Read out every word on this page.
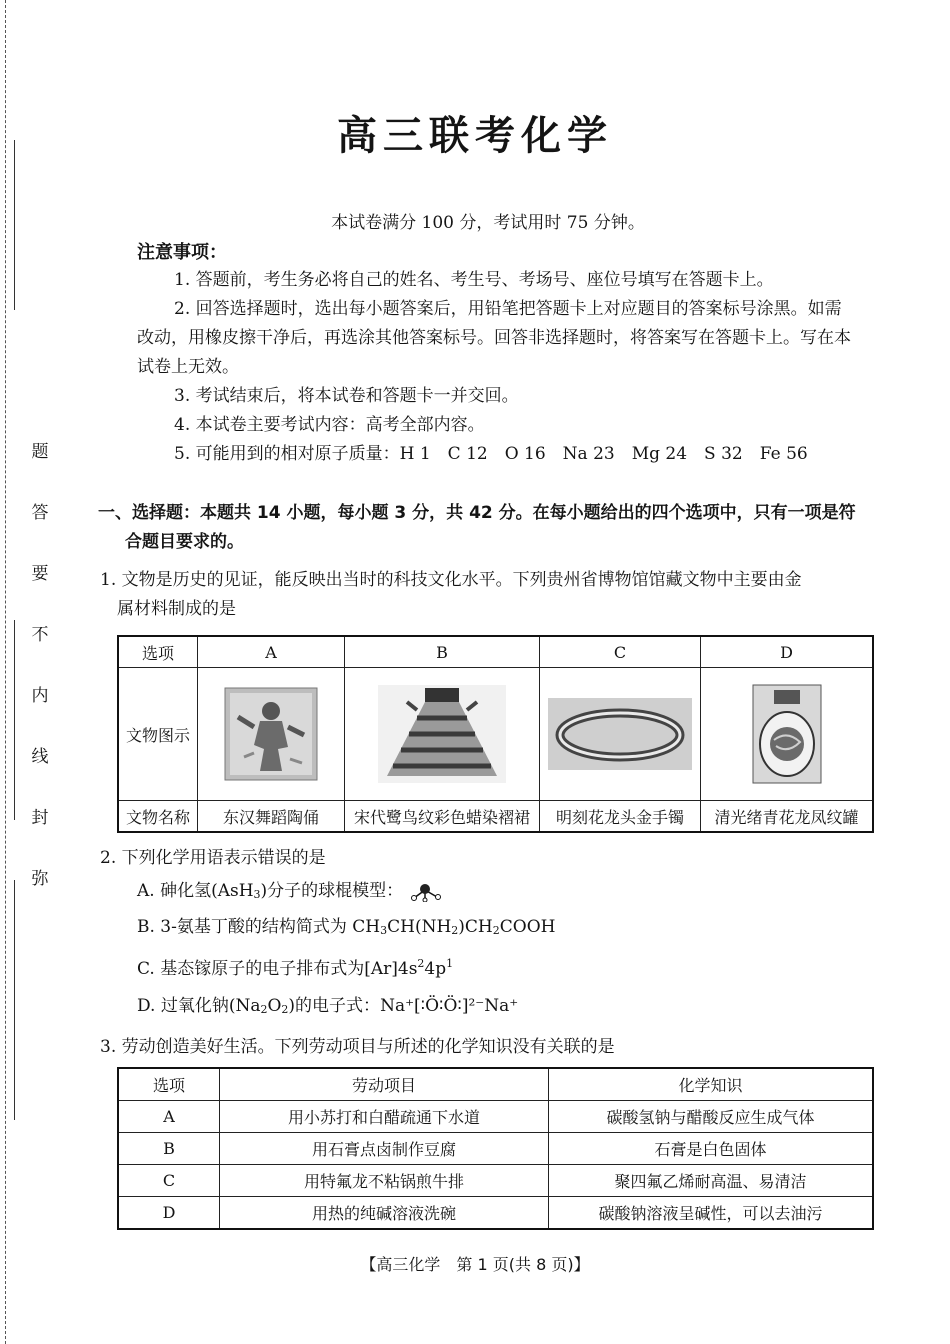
题
答
要
不
内
线
封
弥
高三联考化学
本试卷满分 100 分，考试用时 75 分钟。
注意事项：

1. 答题前，考生务必将自己的姓名、考生号、考场号、座位号填写在答题卡上。

2. 回答选择题时，选出每小题答案后，用铅笔把答题卡上对应题目的答案标号涂黑。如需改动，用橡皮擦干净后，再选涂其他答案标号。回答非选择题时，将答案写在答题卡上。写在本试卷上无效。

3. 考试结束后，将本试卷和答题卡一并交回。

4. 本试卷主要考试内容：高考全部内容。

5. 可能用到的相对原子质量：H 1　C 12　O 16　Na 23　Mg 24　S 32　Fe 56

一、选择题：本题共 14 小题，每小题 3 分，共 42 分。在每小题给出的四个选项中，只有一项是符
合题目要求的。
1. 文物是历史的见证，能反映出当时的科技文化水平。下列贵州省博物馆馆藏文物中主要由金
属材料制成的是
选项	A	B	C	D
文物图示	

文物名称	东汉舞蹈陶俑	宋代鹭鸟纹彩色蜡染褶裙	明刻花龙头金手镯	清光绪青花龙凤纹罐
2. 下列化学用语表示错误的是
A. 砷化氢(AsH3)分子的球棍模型：
B. 3-氨基丁酸的结构简式为 CH3CH(NH2)CH2COOH
C. 基态镓原子的电子排布式为$[Ar]4s^24p^1$
D. 过氧化钠(Na2O2)的电子式：Na⁺[∶Ö∶Ö∶]²⁻Na⁺
3. 劳动创造美好生活。下列劳动项目与所述的化学知识没有关联的是
选项	劳动项目	化学知识
A	用小苏打和白醋疏通下水道	碳酸氢钠与醋酸反应生成气体
B	用石膏点卤制作豆腐	石膏是白色固体
C	用特氟龙不粘锅煎牛排	聚四氟乙烯耐高温、易清洁
D	用热的纯碱溶液洗碗	碳酸钠溶液呈碱性，可以去油污
【高三化学　第 1 页(共 8 页)】
